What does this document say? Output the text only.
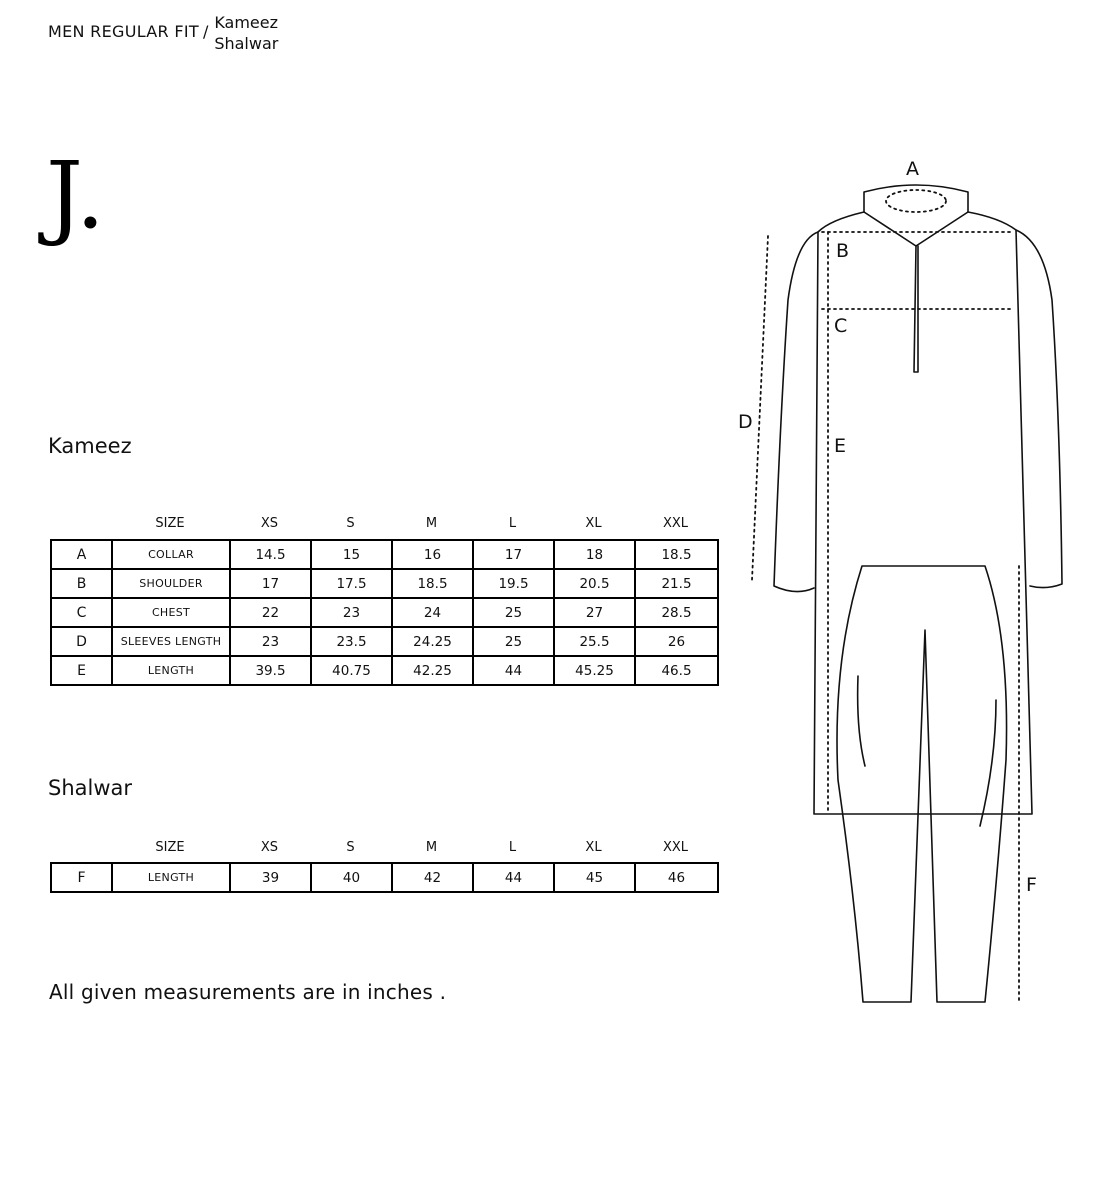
MEN REGULAR FIT / Kameez
Shalwar
J.
Kameez
SIZE	XS	S	M	L	XL	XXL
A	COLLAR	14.5	15	16	17	18	18.5
B	SHOULDER	17	17.5	18.5	19.5	20.5	21.5
C	CHEST	22	23	24	25	27	28.5
D	SLEEVES LENGTH	23	23.5	24.25	25	25.5	26
E	LENGTH	39.5	40.75	42.25	44	45.25	46.5
Shalwar
SIZE	XS	S	M	L	XL	XXL
F	LENGTH	39	40	42	44	45	46
All given measurements are in inches .
A
B
C
D
E
F
